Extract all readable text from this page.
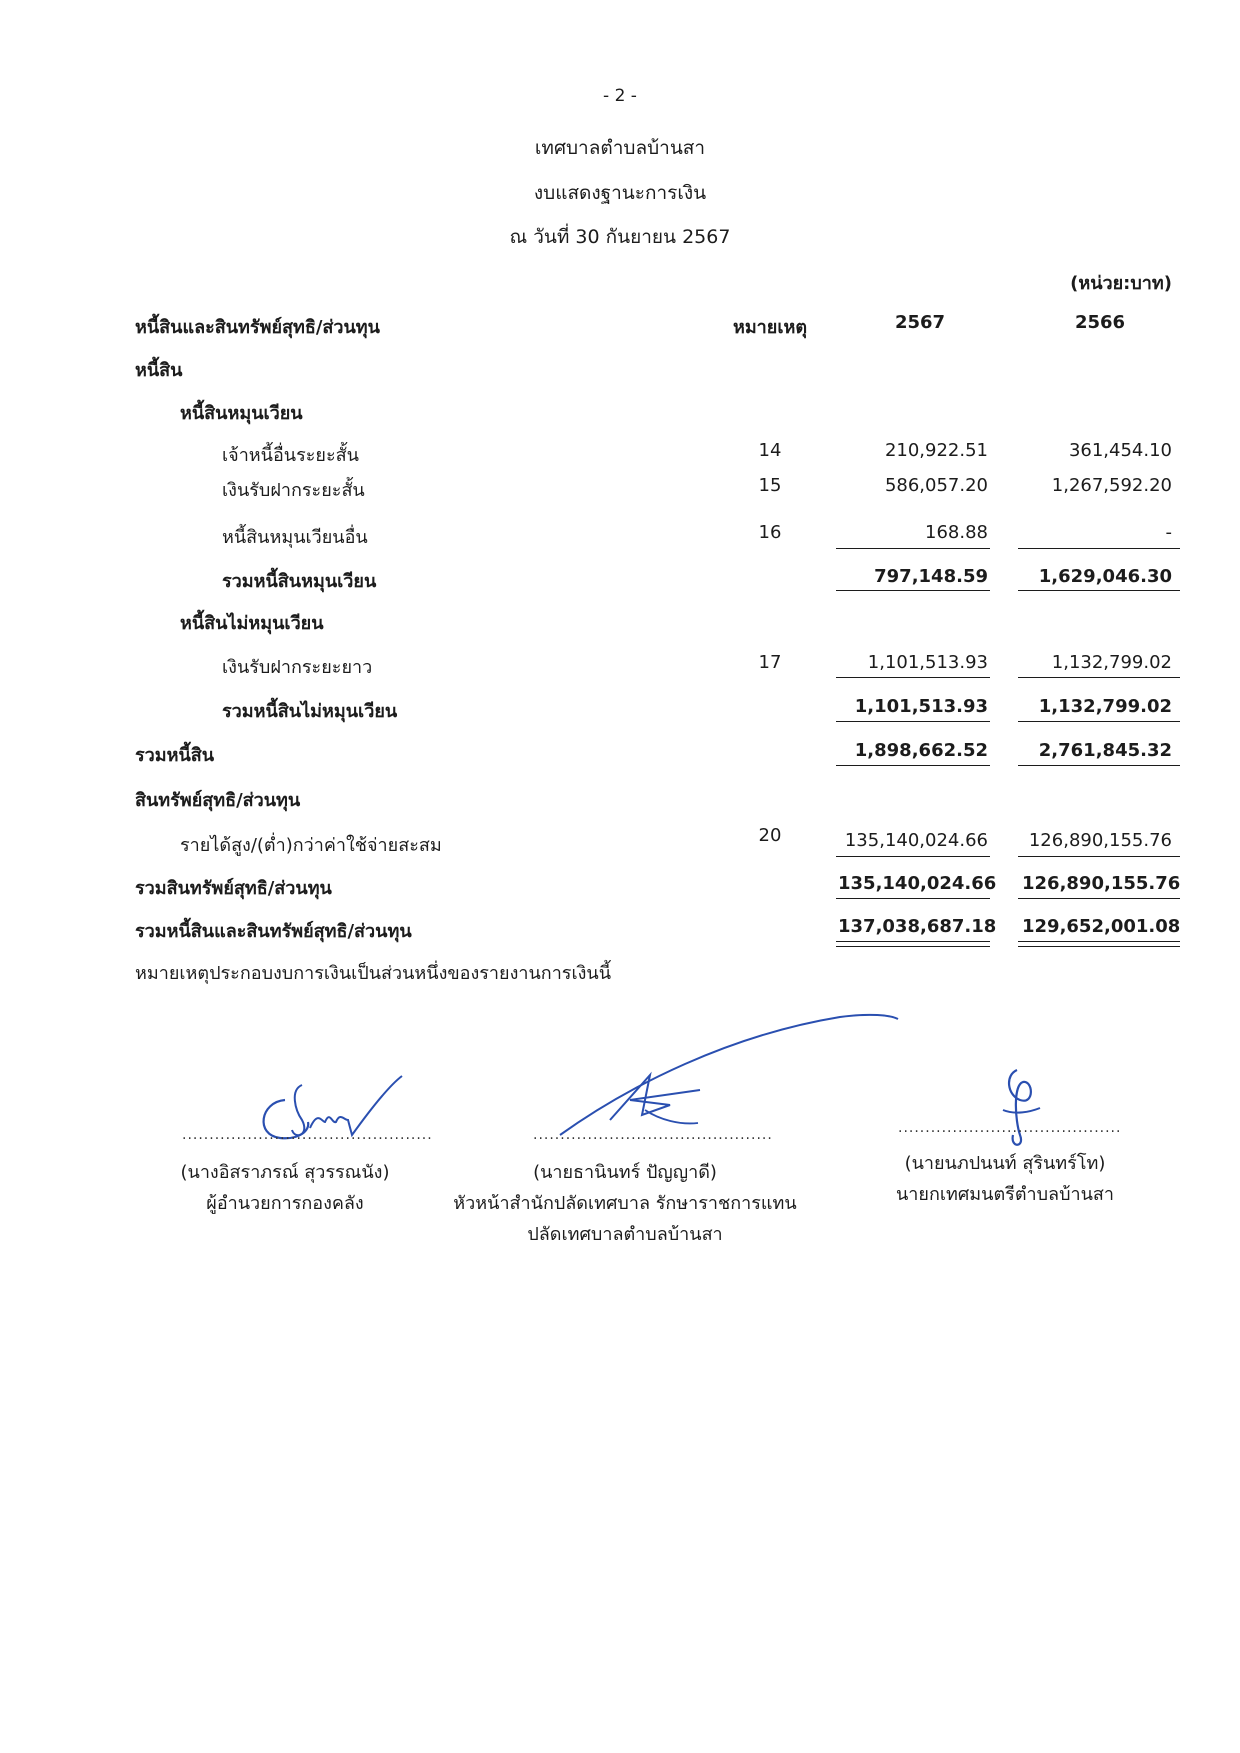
- 2 -
เทศบาลตำบลบ้านสา
งบแสดงฐานะการเงิน
ณ วันที่ 30 กันยายน 2567
(หน่วย:บาท)
หนี้สินและสินทรัพย์สุทธิ/ส่วนทุน	หมายเหตุ	2567	2566
หนี้สิน
หนี้สินหมุนเวียน
เจ้าหนี้อื่นระยะสั้น	14	210,922.51	361,454.10
เงินรับฝากระยะสั้น	15	586,057.20	1,267,592.20
หนี้สินหมุนเวียนอื่น	16	168.88	-
รวมหนี้สินหมุนเวียน	797,148.59	1,629,046.30
หนี้สินไม่หมุนเวียน
เงินรับฝากระยะยาว	17	1,101,513.93	1,132,799.02
รวมหนี้สินไม่หมุนเวียน	1,101,513.93	1,132,799.02
รวมหนี้สิน	1,898,662.52	2,761,845.32
สินทรัพย์สุทธิ/ส่วนทุน
รายได้สูง/(ต่ำ)กว่าค่าใช้จ่ายสะสม	20	135,140,024.66	126,890,155.76
รวมสินทรัพย์สุทธิ/ส่วนทุน	135,140,024.66 126,890,155.76
รวมหนี้สินและสินทรัพย์สุทธิ/ส่วนทุน	137,038,687.18 129,652,001.08
หมายเหตุประกอบงบการเงินเป็นส่วนหนึ่งของรายงานการเงินนี้
..............................................
(นางอิสราภรณ์ สุวรรณนัง)
ผู้อำนวยการกองคลัง
............................................
(นายธานินทร์ ปัญญาดี)
หัวหน้าสำนักปลัดเทศบาล รักษาราชการแทน
ปลัดเทศบาลตำบลบ้านสา
.........................................
(นายนภปนนท์ สุรินทร์โท)
นายกเทศมนตรีตำบลบ้านสา
